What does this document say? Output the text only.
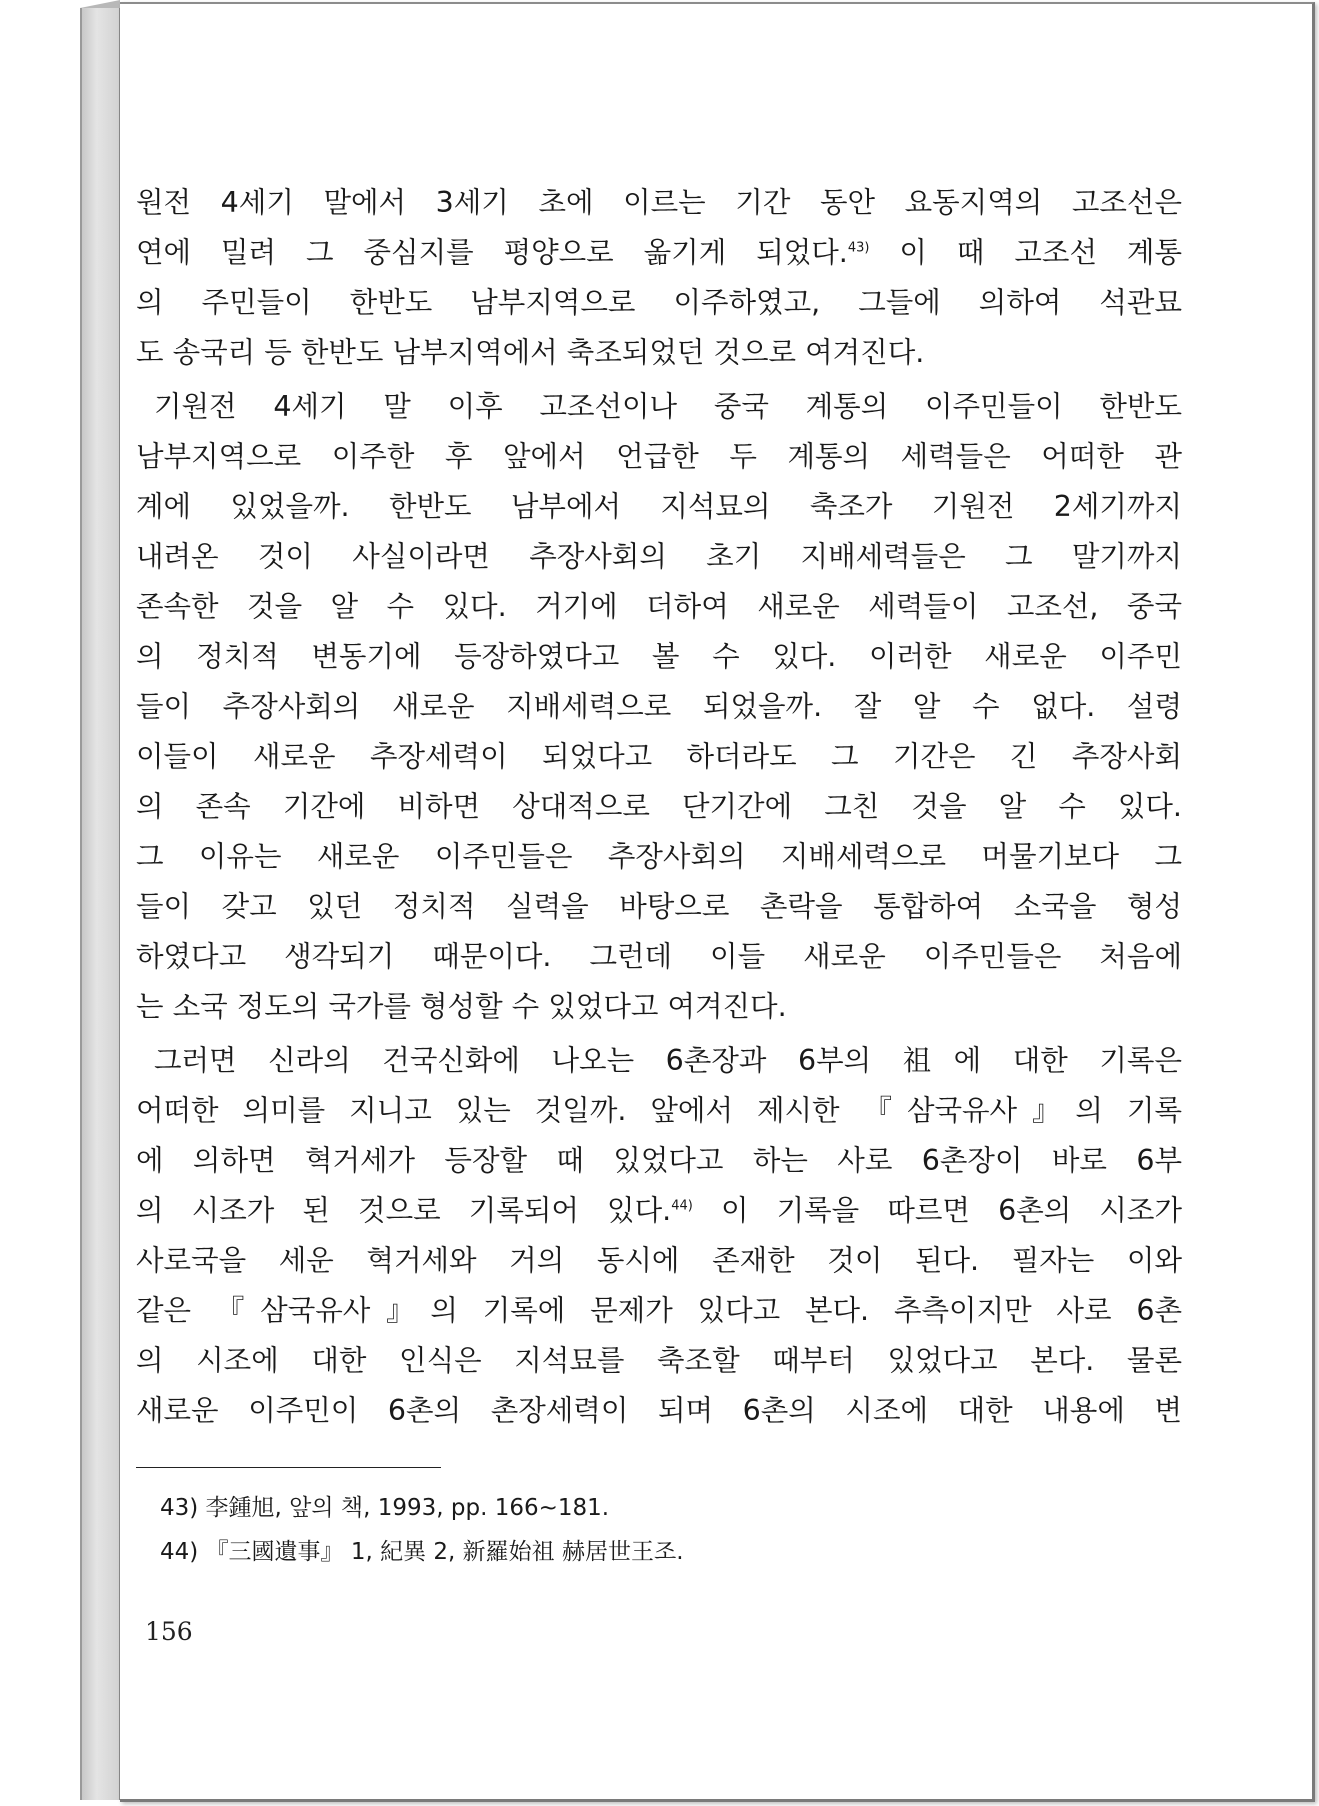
원전 4세기 말에서 3세기 초에 이르는 기간 동안 요동지역의 고조선은
연에 밀려 그 중심지를 평양으로 옮기게 되었다.$^{43)}$ 이 때 고조선 계통
의 주민들이 한반도 남부지역으로 이주하였고, 그들에 의하여 석관묘
도 송국리 등 한반도 남부지역에서 축조되었던 것으로 여겨진다.
기원전 4세기 말 이후 고조선이나 중국 계통의 이주민들이 한반도
남부지역으로 이주한 후 앞에서 언급한 두 계통의 세력들은 어떠한 관
계에 있었을까. 한반도 남부에서 지석묘의 축조가 기원전 2세기까지
내려온 것이 사실이라면 추장사회의 초기 지배세력들은 그 말기까지
존속한 것을 알 수 있다. 거기에 더하여 새로운 세력들이 고조선, 중국
의 정치적 변동기에 등장하였다고 볼 수 있다. 이러한 새로운 이주민
들이 추장사회의 새로운 지배세력으로 되었을까. 잘 알 수 없다. 설령
이들이 새로운 추장세력이 되었다고 하더라도 그 기간은 긴 추장사회
의 존속 기간에 비하면 상대적으로 단기간에 그친 것을 알 수 있다.
그 이유는 새로운 이주민들은 추장사회의 지배세력으로 머물기보다 그
들이 갖고 있던 정치적 실력을 바탕으로 촌락을 통합하여 소국을 형성
하였다고 생각되기 때문이다. 그런데 이들 새로운 이주민들은 처음에
는 소국 정도의 국가를 형성할 수 있었다고 여겨진다.
그러면 신라의 건국신화에 나오는 6촌장과 6부의 祖에 대한 기록은
어떠한 의미를 지니고 있는 것일까. 앞에서 제시한 『삼국유사』의 기록
에 의하면 혁거세가 등장할 때 있었다고 하는 사로 6촌장이 바로 6부
의 시조가 된 것으로 기록되어 있다.$^{44)}$ 이 기록을 따르면 6촌의 시조가
사로국을 세운 혁거세와 거의 동시에 존재한 것이 된다. 필자는 이와
같은 『삼국유사』의 기록에 문제가 있다고 본다. 추측이지만 사로 6촌
의 시조에 대한 인식은 지석묘를 축조할 때부터 있었다고 본다. 물론
새로운 이주민이 6촌의 촌장세력이 되며 6촌의 시조에 대한 내용에 변
43) 李鍾旭, 앞의 책, 1993, pp. 166~181.
44) 『三國遺事』 1, 紀異 2, 新羅始祖 赫居世王조.
156
